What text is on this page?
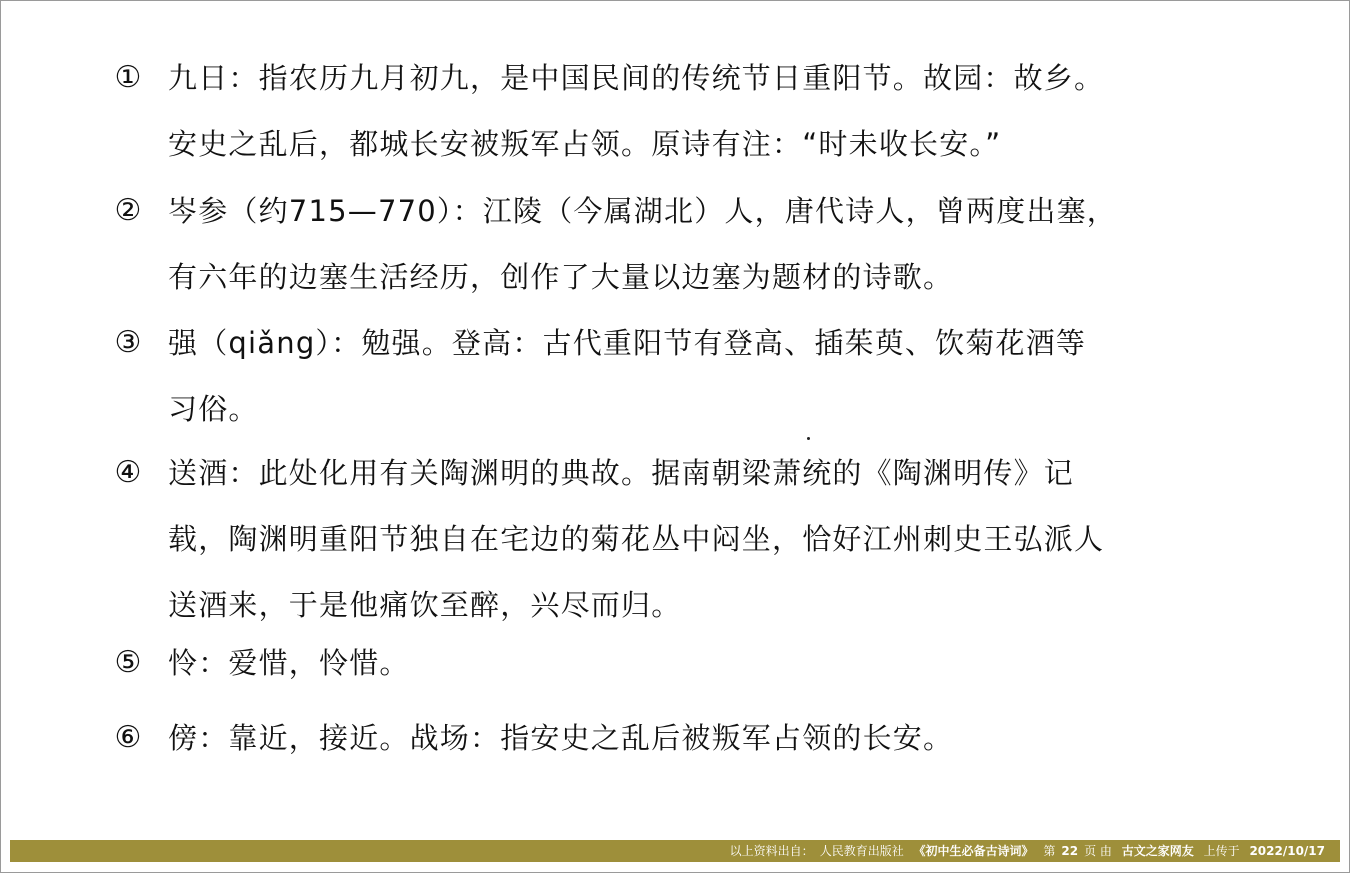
① 九日：指农历九月初九，是中国民间的传统节日重阳节。故园：故乡。
安史之乱后，都城长安被叛军占领。原诗有注：“时未收长安。”
② 岑参（约715—770）：江陵（今属湖北）人，唐代诗人，曾两度出塞，
有六年的边塞生活经历，创作了大量以边塞为题材的诗歌。
③ 强（qiǎng）：勉强。登高：古代重阳节有登高、插茱萸、饮菊花酒等
习俗。
④ 送酒：此处化用有关陶渊明的典故。据南朝梁萧统的《陶渊明传》记
载，陶渊明重阳节独自在宅边的菊花丛中闷坐，恰好江州刺史王弘派人
送酒来，于是他痛饮至醉，兴尽而归。
⑤ 怜：爱惜，怜惜。
⑥ 傍：靠近，接近。战场：指安史之乱后被叛军占领的长安。
以上资料出自： 人民教育出版社 《初中生必备古诗词》 第 22 页 由 古文之家网友 上传于 2022/10/17
